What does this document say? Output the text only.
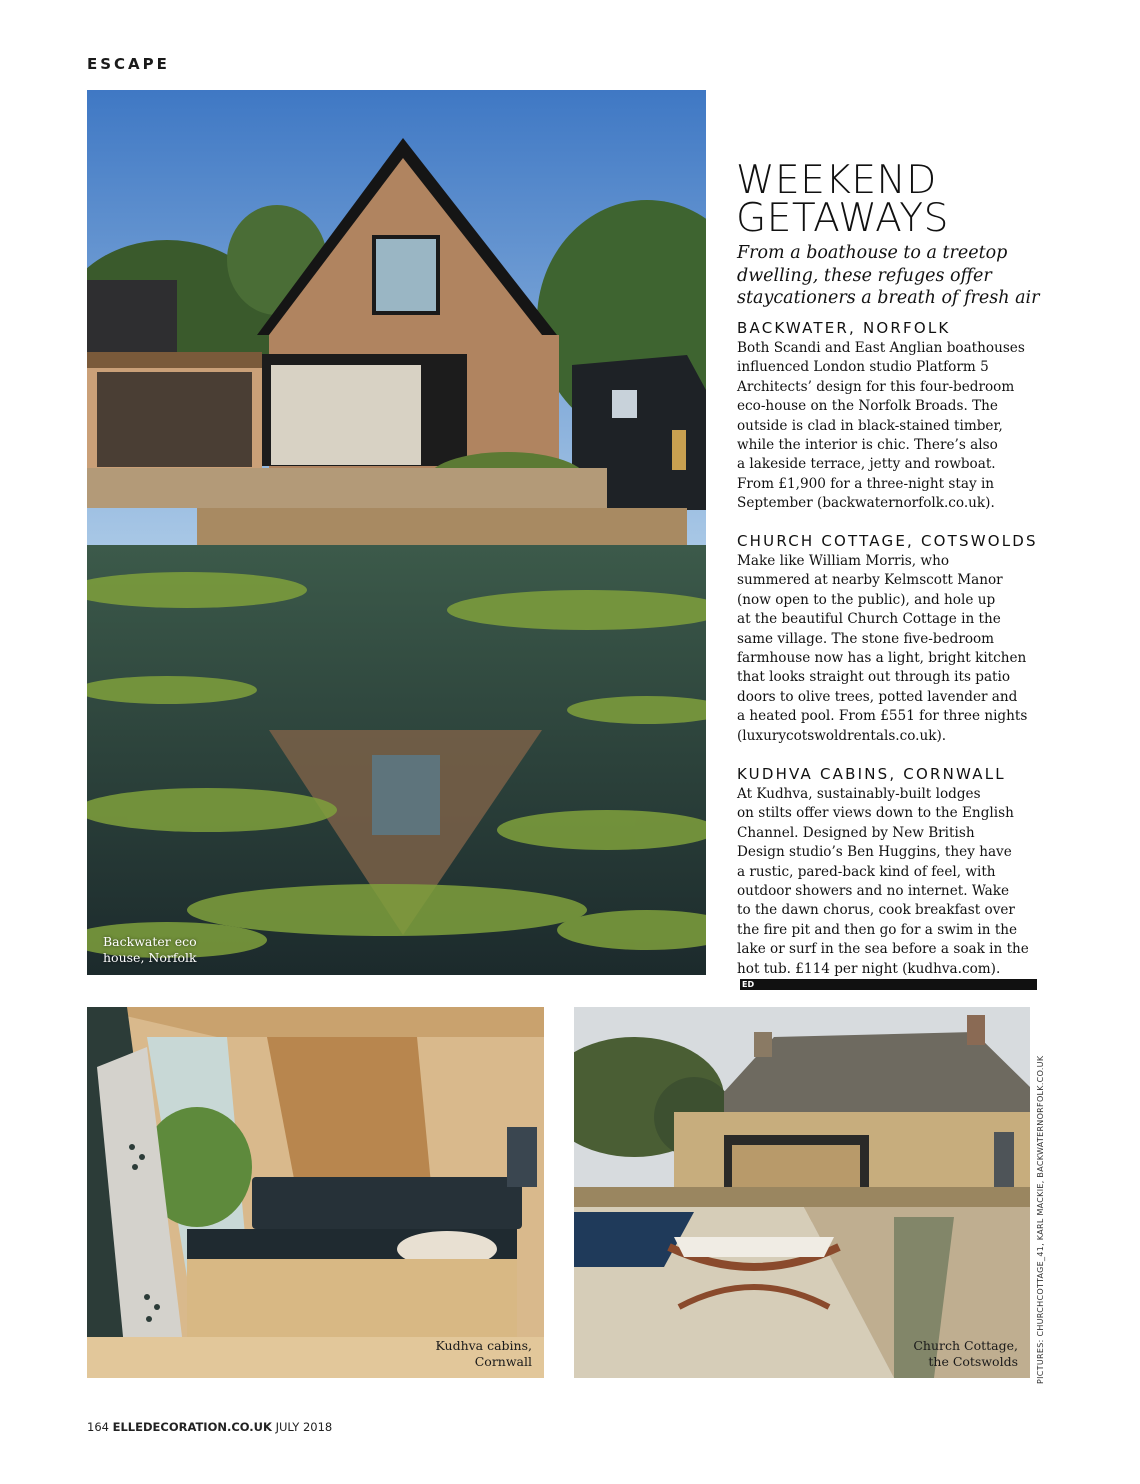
ESCAPE
Backwater eco
house, Norfolk
WEEKEND
GETAWAYS
From a boathouse to a treetop
dwelling, these refuges offer
staycationers a breath of fresh air
BACKWATER, NORFOLK
Both Scandi and East Anglian boathouses
influenced London studio Platform 5
Architects’ design for this four-bedroom
eco-house on the Norfolk Broads. The
outside is clad in black-stained timber,
while the interior is chic. There’s also
a lakeside terrace, jetty and rowboat.
From £1,900 for a three-night stay in
September (backwaternorfolk.co.uk).
CHURCH COTTAGE, COTSWOLDS
Make like William Morris, who
summered at nearby Kelmscott Manor
(now open to the public), and hole up
at the beautiful Church Cottage in the
same village. The stone five-bedroom
farmhouse now has a light, bright kitchen
that looks straight out through its patio
doors to olive trees, potted lavender and
a heated pool. From £551 for three nights
(luxurycotswoldrentals.co.uk).
KUDHVA CABINS, CORNWALL
At Kudhva, sustainably-built lodges
on stilts offer views down to the English
Channel. Designed by New British
Design studio’s Ben Huggins, they have
a rustic, pared-back kind of feel, with
outdoor showers and no internet. Wake
to the dawn chorus, cook breakfast over
the fire pit and then go for a swim in the
lake or surf in the sea before a soak in the
hot tub. £114 per night (kudhva.com).
ED
Kudhva cabins,
Cornwall
Church Cottage,
the Cotswolds PICTURES: CHURCHCOTTAGE_41, KARL MACKIE, BACKWATERNORFOLK.CO.UK
164 ELLEDECORATION.CO.UK JULY 2018
